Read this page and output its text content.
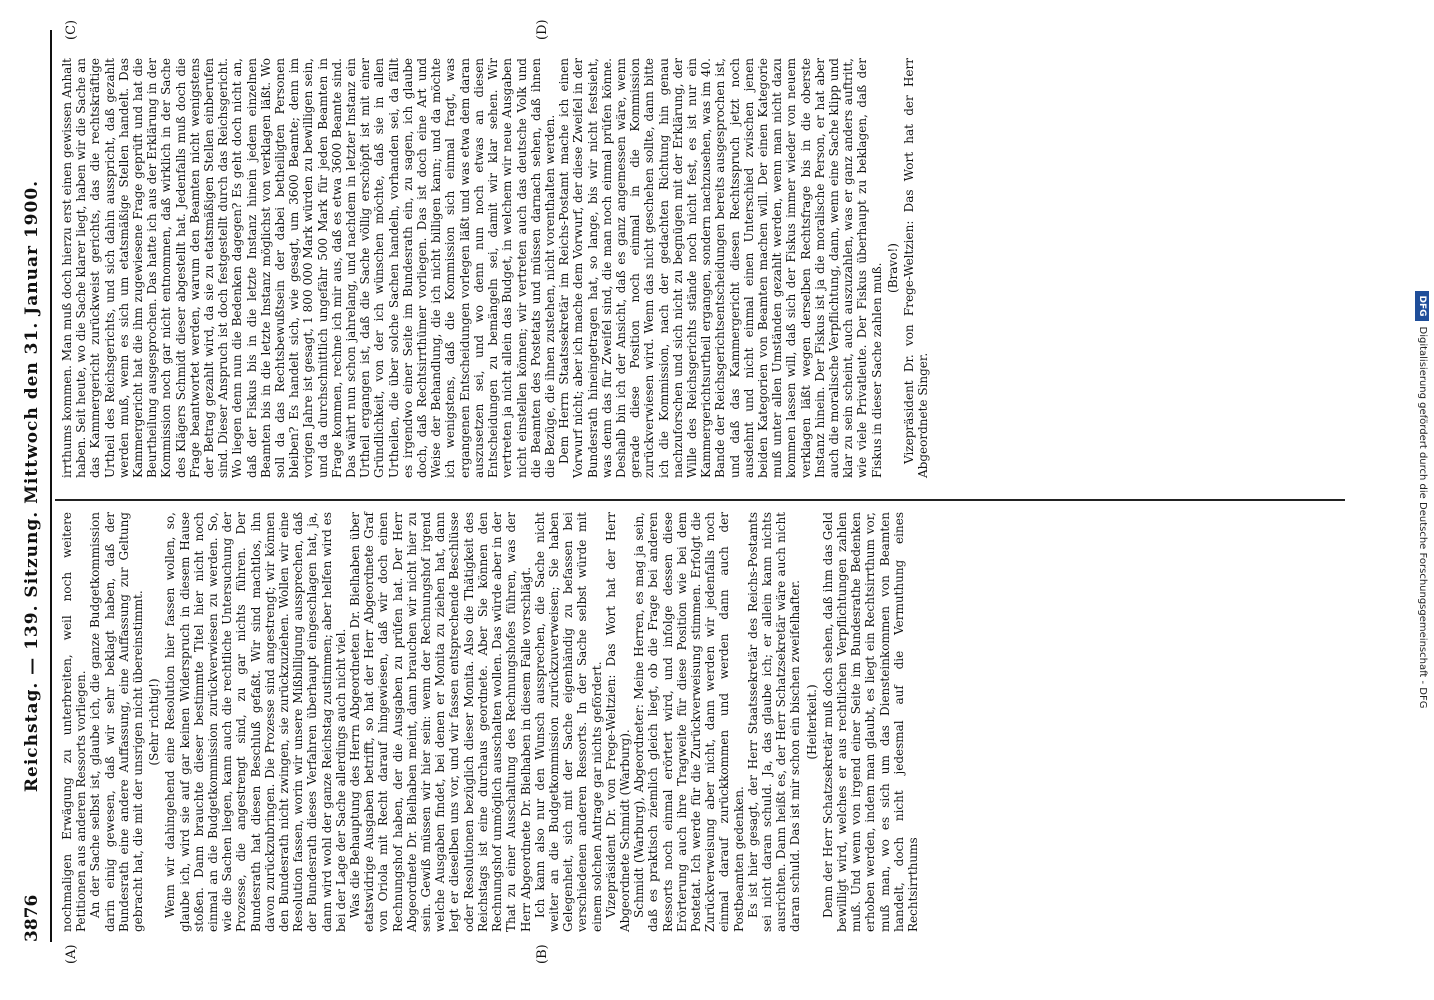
3876
Reichstag. — 139. Sitzung. Mittwoch den 31. Januar 1900.
(A)	(B)
(C)	(D)

nochmaligen Erwägung zu unterbreiten, weil noch weitere Petitionen aus anderen Ressorts vorliegen. An der Sache selbst ist, glaube ich, die ganze Budgetkommission darin einig gewesen, daß wir sehr beklagt haben, daß der Bundesrath eine andere Auffassung, eine Auffassung zur Geltung gebracht hat, die mit der unsrigen nicht übereinstimmt. (Sehr richtig!) Wenn wir dahingehend eine Resolution hier fassen wollen, so, glaube ich, wird sie auf gar keinen Widerspruch in diesem Hause stoßen. Dann brauchte dieser bestimmte Titel hier nicht noch einmal an die Budgetkommission zurückverwiesen zu werden. So, wie die Sachen liegen, kann auch die rechtliche Untersuchung der Prozesse, die angestrengt sind, zu gar nichts führen. Der Bundesrath hat diesen Beschluß gefaßt. Wir sind machtlos, ihn davon zurückzubringen. Die Prozesse sind angestrengt; wir können den Bundesrath nicht zwingen, sie zurückzuziehen. Wollen wir eine Resolution fassen, worin wir unsere Mißbilligung aussprechen, daß der Bundesrath dieses Verfahren überhaupt eingeschlagen hat, ja, dann wird wohl der ganze Reichstag zustimmen; aber helfen wird es bei der Lage der Sache allerdings auch nicht viel. Was die Behauptung des Herrn Abgeordneten Dr. Bielhaben über etatswidrige Ausgaben betrifft, so hat der Herr Abgeordnete Graf von Oriola mit Recht darauf hingewiesen, daß wir doch einen Rechnungshof haben, der die Ausgaben zu prüfen hat. Der Herr Abgeordnete Dr. Bielhaben meint, dann brauchen wir nicht hier zu sein. Gewiß müssen wir hier sein: wenn der Rechnungshof irgend welche Ausgaben findet, bei denen er Monita zu ziehen hat, dann legt er dieselben uns vor, und wir fassen entsprechende Beschlüsse oder Resolutionen bezüglich dieser Monita. Also die Thätigkeit des Reichstags ist eine durchaus geordnete. Aber Sie können den Rechnungshof unmöglich ausschalten wollen. Das würde aber in der That zu einer Ausschaltung des Rechnungshofes führen, was der Herr Abgeordnete Dr. Bielhaben in diesem Falle vorschlägt. Ich kann also nur den Wunsch aussprechen, die Sache nicht weiter an die Budgetkommission zurückzuverweisen; Sie haben Gelegenheit, sich mit der Sache eigenhändig zu befassen bei verschiedenen anderen Ressorts. In der Sache selbst würde mit einem solchen Antrage gar nichts gefördert. Vizepräsident Dr. von Frege-Weltzien: Das Wort hat der Herr Abgeordnete Schmidt (Warburg). Schmidt (Warburg), Abgeordneter: Meine Herren, es mag ja sein, daß es praktisch ziemlich gleich liegt, ob die Frage bei anderen Ressorts noch einmal erörtert wird, und infolge dessen diese Erörterung auch ihre Tragweite für diese Position wie bei dem Postetat. Ich werde für die Zurückverweisung stimmen. Erfolgt die Zurückverweisung aber nicht, dann werden wir jedenfalls noch einmal darauf zurückkommen und werden dann auch der Postbeamten gedenken. Es ist hier gesagt, der Herr Staatssekretär des Reichs-Postamts sei nicht daran schuld. Ja, das glaube ich; er allein kann nichts ausrichten. Dann heißt es, der Herr Schatzsekretär wäre auch nicht daran schuld. Das ist mir schon ein bischen zweifelhafter. (Heiterkeit.) Denn der Herr Schatzsekretär muß doch sehen, daß ihm das Geld bewilligt wird, welches er aus rechtlichen Verpflichtungen zahlen muß. Und wenn von irgend einer Seite im Bundesrathe Bedenken erhoben werden, indem man glaubt, es liegt ein Rechtsirrthum vor, muß man, wo es sich um das Diensteinkommen von Beamten handelt, doch nicht jedesmal auf die Vermuthung eines Rechtsirrthums

irrthums kommen. Man muß doch hierzu erst einen gewissen Anhalt haben. Seit heute, wo die Sache klarer liegt, haben wir die Sache an das Kammergericht zurückweist gerichts, das die rechtskräftige Urtheil des Reichsgerichts, und sich dahin ausspricht, daß gezahlt werden muß, wenn es sich um etatsmäßige Stellen handelt. Das Kammergericht hat die ihm zugewiesene Frage geprüft und hat die Beurtheilung ausgesprochen. Das hatte ich aus der Erklärung in der Kommission noch gar nicht entnommen, daß wirklich in der Sache des Klägers Schmidt dieser abgestellt hat. Jedenfalls muß doch die Frage beantwortet werden, warum den Beamten nicht wenigstens der Betrag gezahlt wird, da sie zu etatsmäßigen Stellen einberufen sind. Dieser Anspruch ist doch festgestellt durch das Reichsgericht. Wo liegen denn nun die Bedenken dagegen? Es geht doch nicht an, daß der Fiskus bis in die letzte Instanz hinein jedem einzelnen Beamten bis in die letzte Instanz möglichst von verklagen läßt. Wo soll da das Rechtsbewußtsein der dabei betheiligten Personen bleiben? Es handelt sich, wie gesagt, um 3600 Beamte; denn im vorigen Jahre ist gesagt, 1 800 000 Mark würden zu bewilligen sein, und da durchschnittlich ungefähr 500 Mark für jeden Beamten in Frage kommen, rechne ich mir aus, daß es etwa 3600 Beamte sind. Das währt nun schon jahrelang, und nachdem in letzter Instanz ein Urtheil ergangen ist, daß die Sache völlig erschöpft ist mit einer Gründlichkeit, von der ich wünschen möchte, daß sie in allen Urtheilen, die über solche Sachen handeln, vorhanden sei, da fällt es irgendwo einer Seite im Bundesrath ein, zu sagen, ich glaube doch, daß Rechtsirrthümer vorliegen. Das ist doch eine Art und Weise der Behandlung, die ich nicht billigen kann; und da möchte ich wenigstens, daß die Kommission sich einmal fragt, was ergangenen Entscheidungen vorlegen läßt und was etwa dem daran auszusetzen sei, und wo denn nun noch etwas an diesen Entscheidungen zu bemängeln sei, damit wir klar sehen. Wir vertreten ja nicht allein das Budget, in welchem wir neue Ausgaben nicht einstellen können; wir vertreten auch das deutsche Volk und die Beamten des Postetats und müssen darnach sehen, daß ihnen die Bezüge, die ihnen zustehen, nicht vorenthalten werden. Dem Herrn Staatssekretär im Reichs-Postamt mache ich einen Vorwurf nicht; aber ich mache dem Vorwurf, der diese Zweifel in der Bundesrath hineingetragen hat, so lange, bis wir nicht festsieht, was denn das für Zweifel sind, die man noch einmal prüfen könne. Deshalb bin ich der Ansicht, daß es ganz angemessen wäre, wenn gerade diese Position noch einmal in die Kommission zurückverwiesen wird. Wenn das nicht geschehen sollte, dann bitte ich die Kommission, nach der gedachten Richtung hin genau nachzuforschen und sich nicht zu begnügen mit der Erklärung, der Wille des Reichsgerichts stände noch nicht fest, es ist nur ein Kammergerichtsurtheil ergangen, sondern nachzusehen, was im 40. Bande der Reichsgerichtsentscheidungen bereits ausgesprochen ist, und daß das Kammergericht diesen Rechtsspruch jetzt noch ausdehnt und nicht einmal einen Unterschied zwischen jenen beiden Kategorien von Beamten machen will. Der einen Kategorie muß unter allen Umständen gezahlt werden, wenn man nicht dazu kommen lassen will, daß sich der Fiskus immer wieder von neuem verklagen läßt wegen derselben Rechtsfrage bis in die oberste Instanz hinein. Der Fiskus ist ja die moralische Person, er hat aber auch die moralische Verpflichtung, dann, wenn eine Sache klipp und klar zu sein scheint, auch auszuzahlen, was er ganz anders auftritt, wie viele Privatleute. Der Fiskus überhaupt zu beklagen, daß der Fiskus in dieser Sache zahlen muß. (Bravo!) Vizepräsident Dr. von Frege-Weltzien: Das Wort hat der Herr Abgeordnete Singer.

DFGDigitalisierung gefördert durch die Deutsche Forschungsgemeinschaft - DFG
